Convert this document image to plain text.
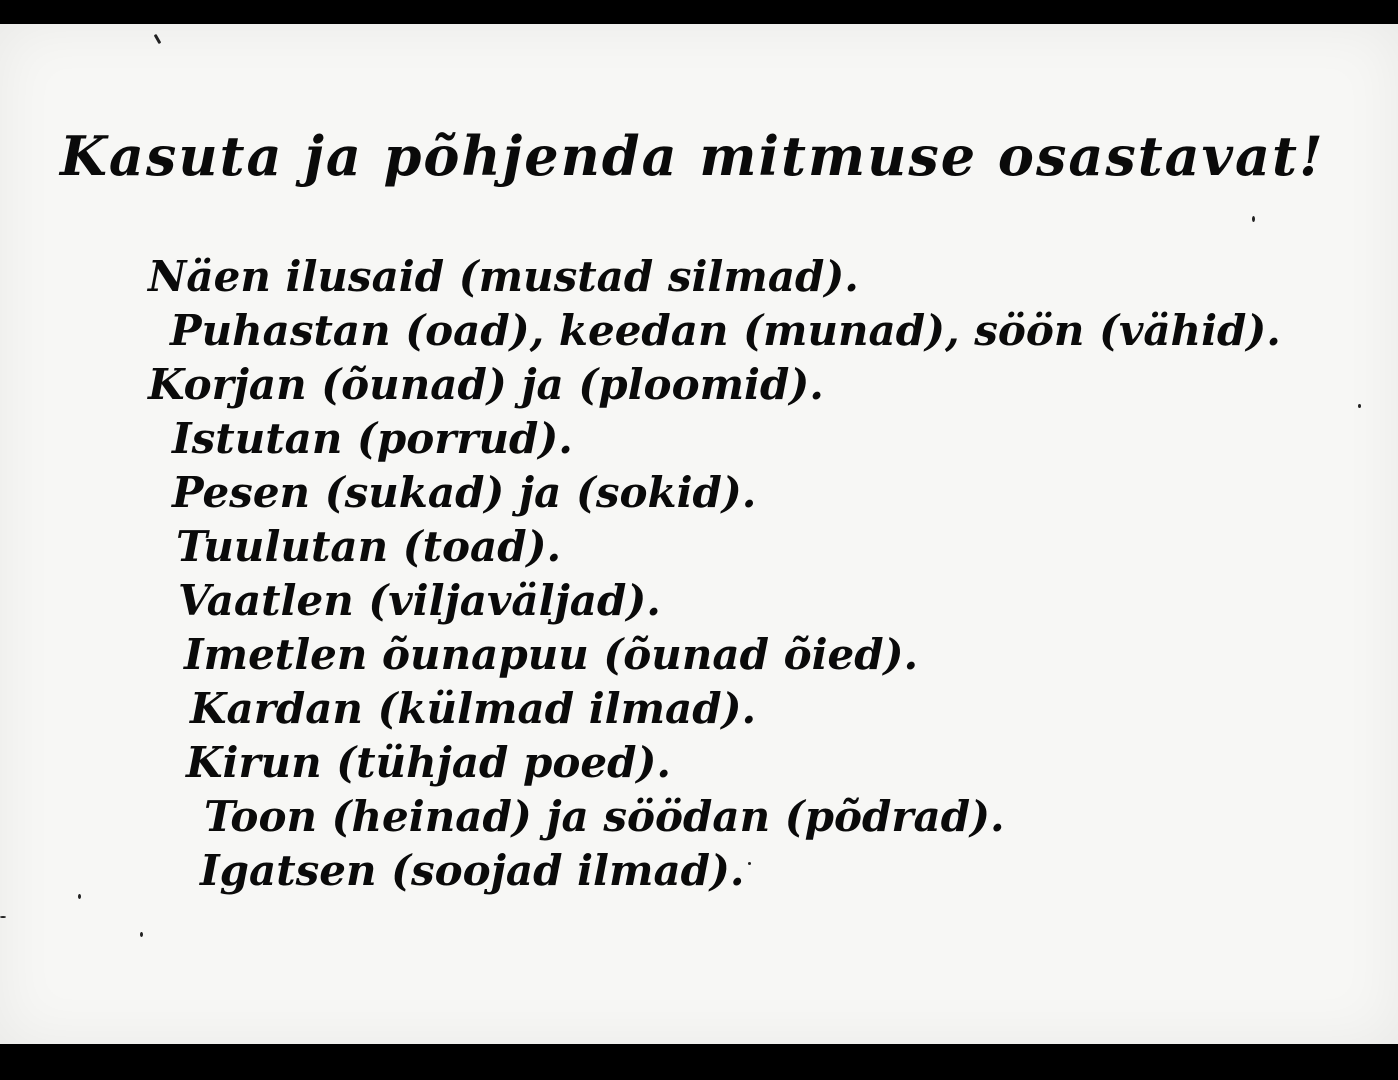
Kasuta ja põhjenda mitmuse osastavat!
Näen ilusaid (mustad silmad).
Puhastan (oad), keedan (munad), söön (vähid).
Korjan (õunad) ja (ploomid).
Istutan (porrud).
Pesen (sukad) ja (sokid).
Tuulutan (toad).
Vaatlen (viljaväljad).
Imetlen õunapuu (õunad õied).
Kardan (külmad ilmad).
Kirun (tühjad poed).
Toon (heinad) ja söödan (põdrad).
Igatsen (soojad ilmad).
